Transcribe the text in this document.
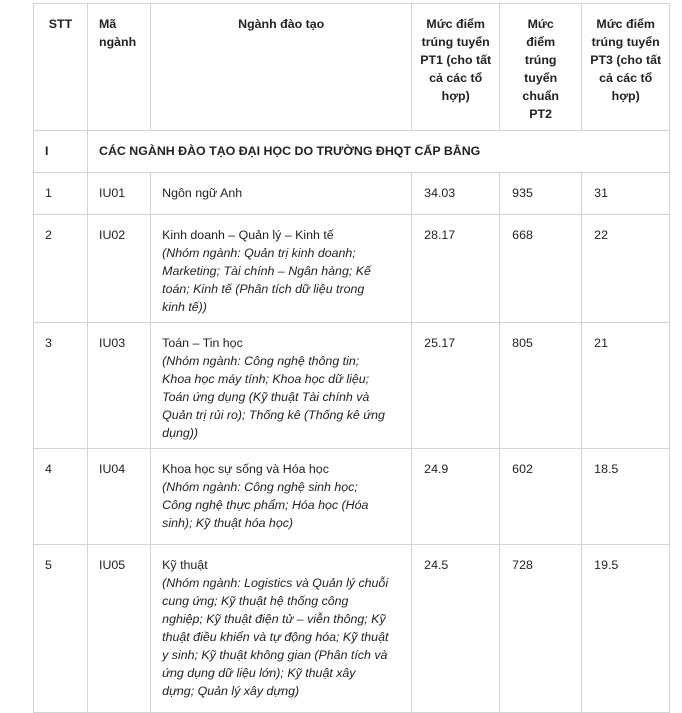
STT	Mã ngành	Ngành đào tạo	Mức điểm trúng tuyển PT1 (cho tất cả các tổ hợp)	Mức điểm trúng tuyển chuẩn PT2	Mức điểm trúng tuyển PT3 (cho tất cả các tổ hợp)
I	CÁC NGÀNH ĐÀO TẠO ĐẠI HỌC DO TRƯỜNG ĐHQT CẤP BẰNG				
1	IU01	Ngôn ngữ Anh	34.03	935	31
2	IU02	Kinh doanh – Quản lý – Kinh tế
(Nhóm ngành: Quản trị kinh doanh; Marketing; Tài chính – Ngân hàng; Kế toán; Kinh tế (Phân tích dữ liệu trong kinh tế))	28.17	668	22
3	IU03	Toán – Tin học
(Nhóm ngành: Công nghệ thông tin; Khoa học máy tính; Khoa học dữ liệu; Toán ứng dụng (Kỹ thuật Tài chính và Quản trị rủi ro); Thống kê (Thống kê ứng dụng))	25.17	805	21
4	IU04	Khoa học sự sống và Hóa học
(Nhóm ngành: Công nghệ sinh học; Công nghệ thực phẩm; Hóa học (Hóa sinh); Kỹ thuật hóa học)	24.9	602	18.5
5	IU05	Kỹ thuật
(Nhóm ngành: Logistics và Quản lý chuỗi cung ứng; Kỹ thuật hệ thống công nghiệp; Kỹ thuật điện tử – viễn thông; Kỹ thuật điều khiển và tự động hóa; Kỹ thuật y sinh; Kỹ thuật không gian (Phân tích và ứng dụng dữ liệu lớn); Kỹ thuật xây dựng; Quản lý xây dựng)	24.5	728	19.5
